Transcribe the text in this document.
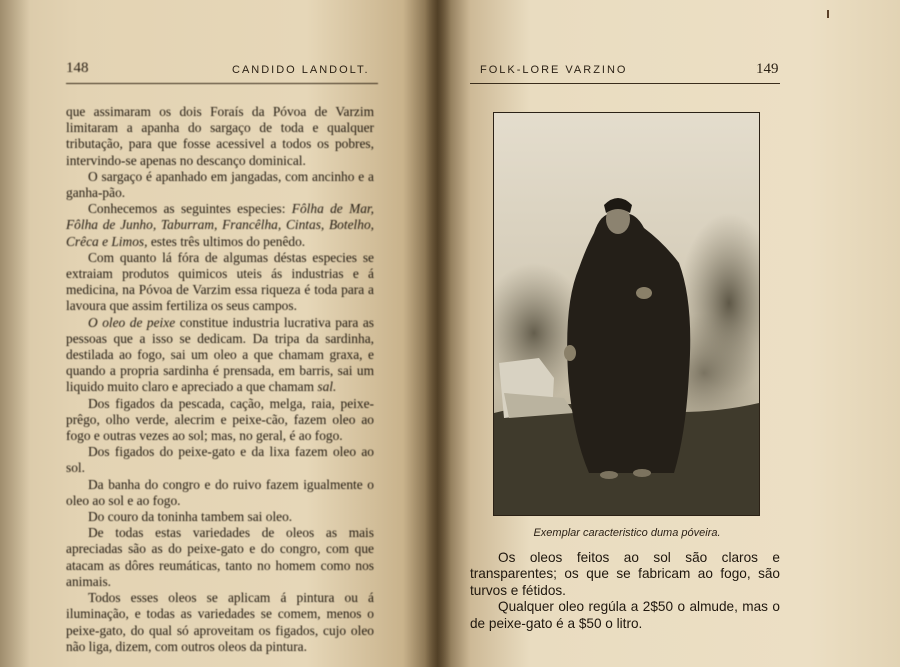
148	CANDIDO LANDOLT.

que assimaram os dois Foraís da Póvoa de Varzim limitaram a apanha do sargaço de toda e qualquer tributação, para que fosse acessivel a todos os pobres, intervindo-se apenas no descanço dominical.

O sargaço é apanhado em jangadas, com ancinho e a ganha-pão.

Conhecemos as seguintes especies: Fôlha de Mar, Fôlha de Junho, Taburram, Francêlha, Cintas, Botelho, Crêca e Limos, estes três ultimos do penêdo.

Com quanto lá fóra de algumas déstas especies se extraiam produtos quimicos uteis ás industrias e á medicina, na Póvoa de Varzim essa riqueza é toda para a lavoura que assim fertiliza os seus campos.

O oleo de peixe constitue industria lucrativa para as pessoas que a isso se dedicam. Da tripa da sardinha, destilada ao fogo, sai um oleo a que chamam graxa, e quando a propria sardinha é prensada, em barris, sai um liquido muito claro e apreciado a que chamam sal.

Dos figados da pescada, cação, melga, raia, peixe-prêgo, olho verde, alecrim e peixe-cão, fazem oleo ao fogo e outras vezes ao sol; mas, no geral, é ao fogo.

Dos figados do peixe-gato e da lixa fazem oleo ao sol.

Da banha do congro e do ruivo fazem igualmente o oleo ao sol e ao fogo.

Do couro da toninha tambem sai oleo.

De todas estas variedades de oleos as mais apreciadas são as do peixe-gato e do congro, com que atacam as dôres reumáticas, tanto no homem como nos animais.

Todos esses oleos se aplicam á pintura ou á iluminação, e todas as variedades se comem, menos o peixe-gato, do qual só aproveitam os figados, cujo oleo não liga, dizem, com outros oleos da pintura.

FOLK-LORE VARZINO	149
Exemplar caracteristico duma póveira.

Os oleos feitos ao sol são claros e transparentes; os que se fabricam ao fogo, são turvos e fétidos.

Qualquer oleo regúla a 2$50 o almude, mas o de peixe-gato é a $50 o litro.
